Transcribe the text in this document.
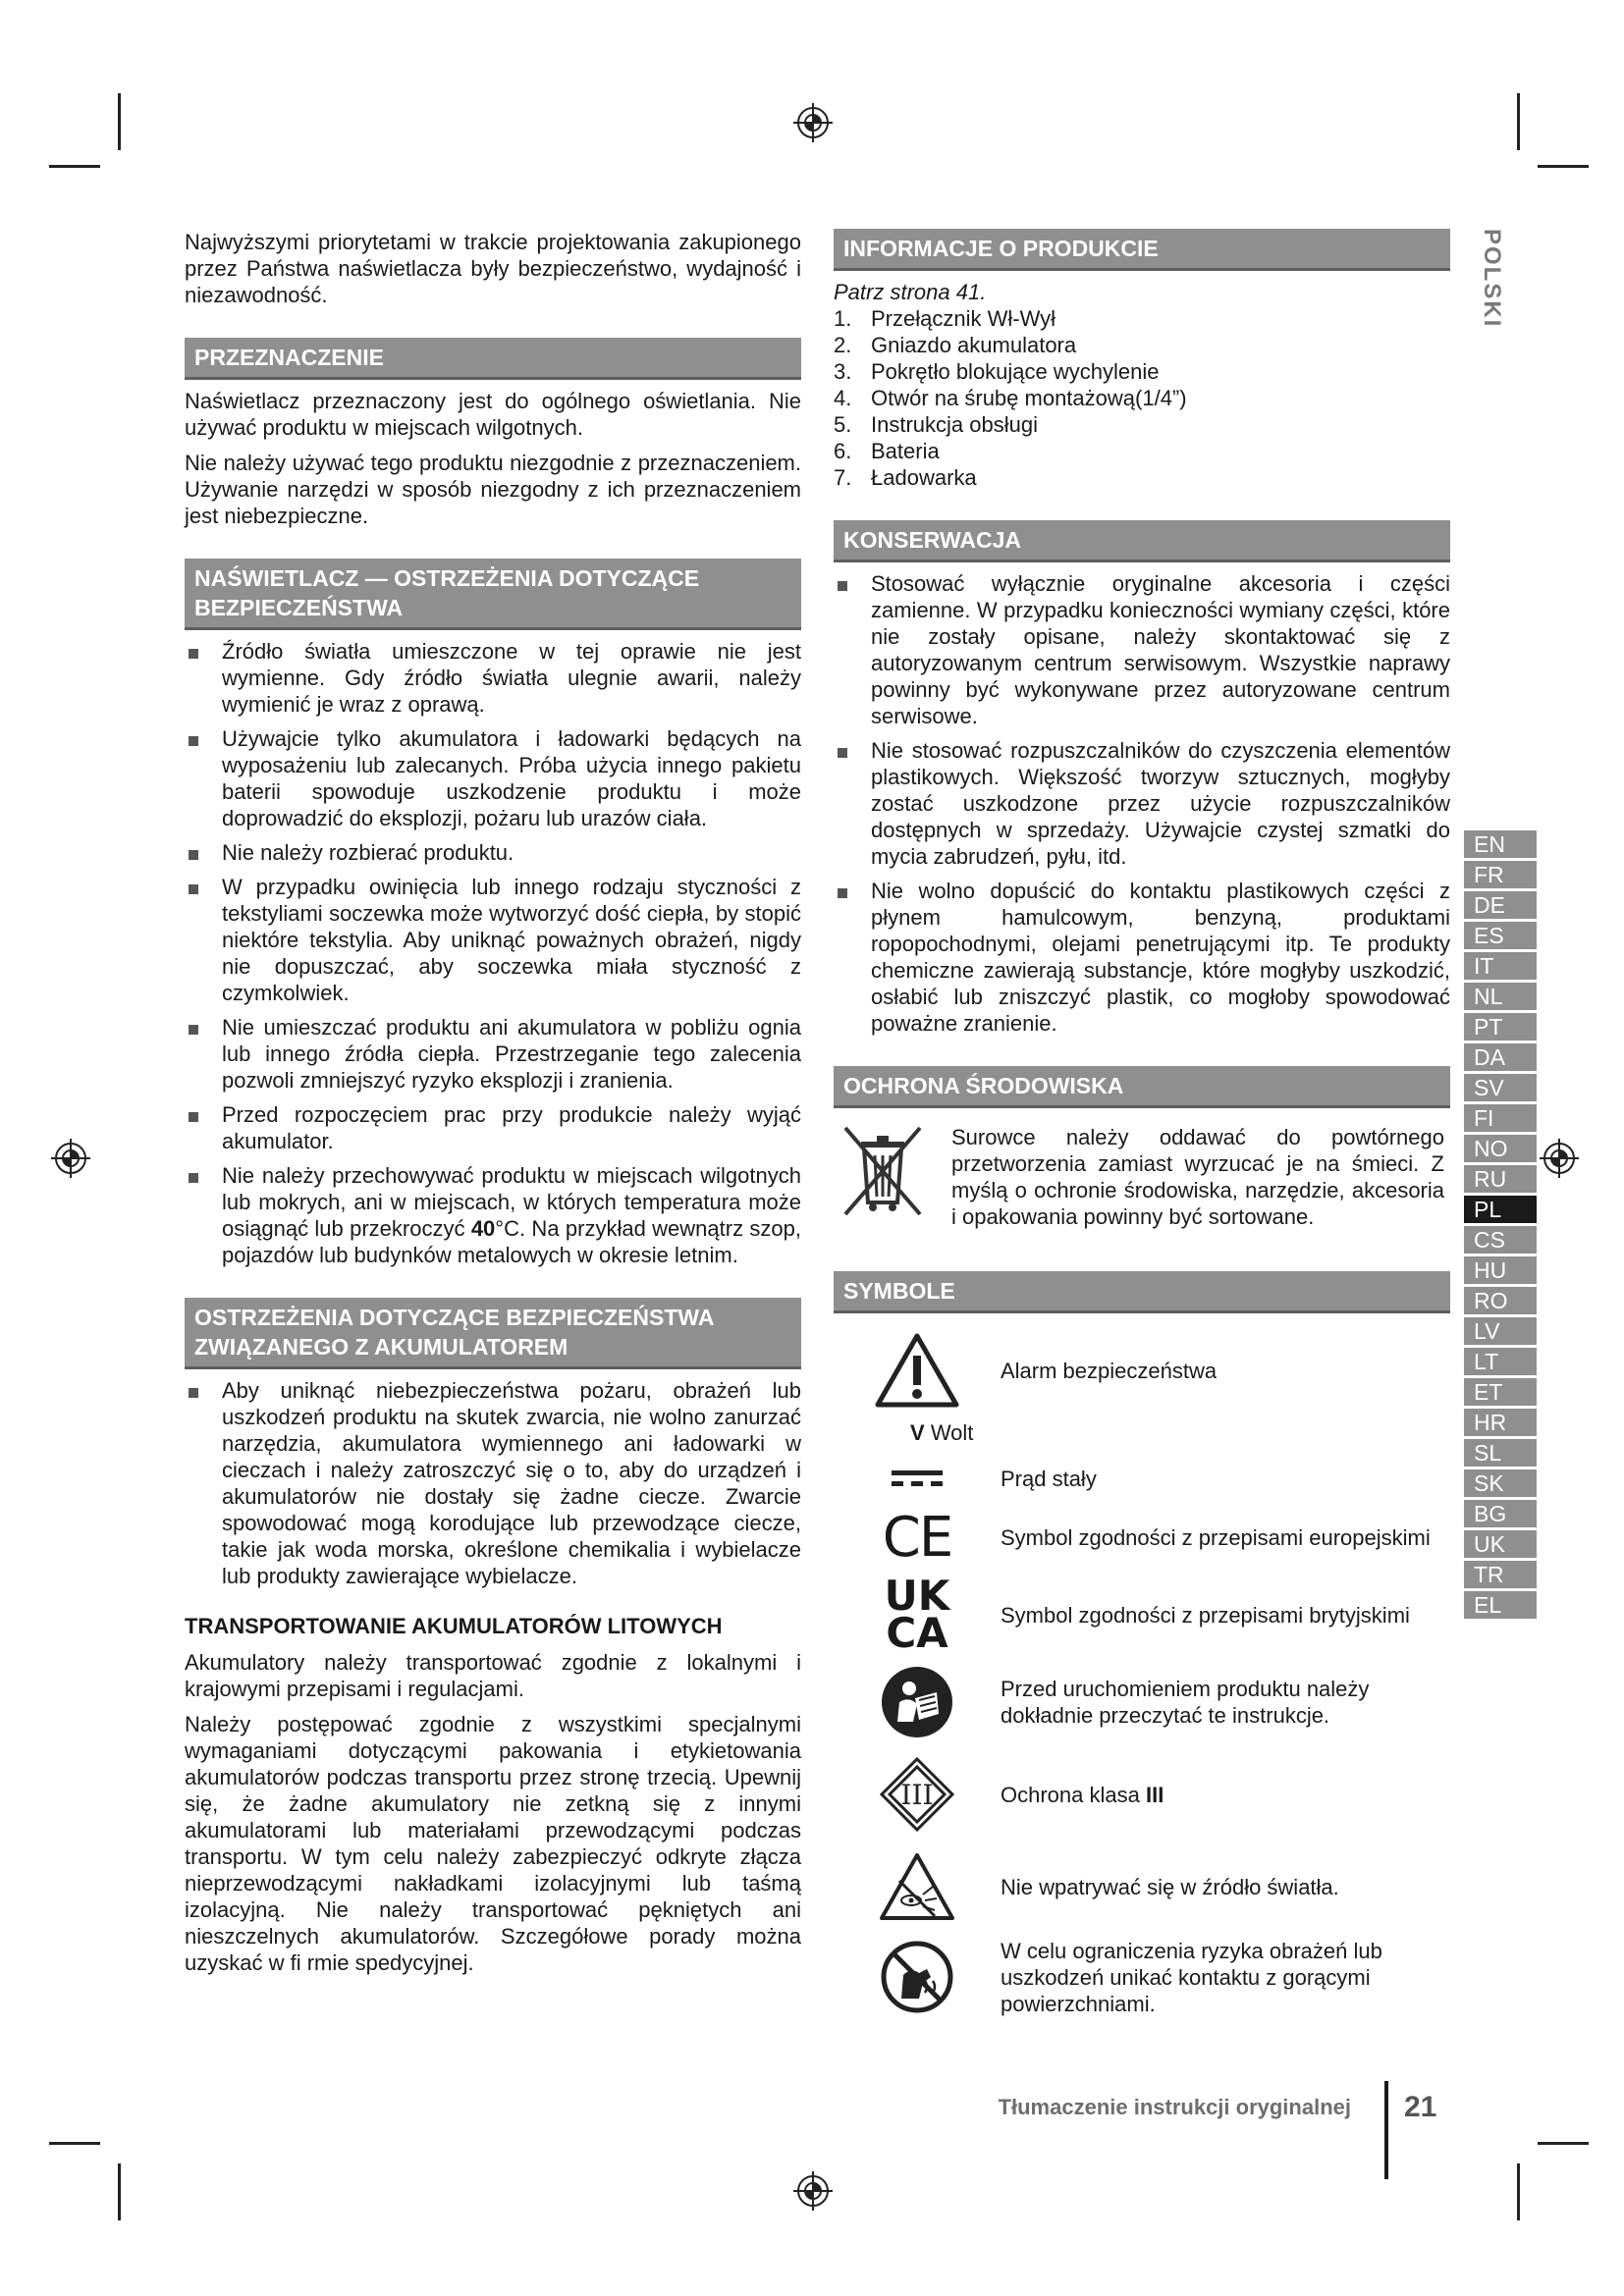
Najwyższymi priorytetami w trakcie projektowania zakupionego przez Państwa naświetlacza były bezpieczeństwo, wydajność i niezawodność.

PRZEZNACZENIE

Naświetlacz przeznaczony jest do ogólnego oświetlania. Nie używać produktu w miejscach wilgotnych.

Nie należy używać tego produktu niezgodnie z przeznaczeniem. Używanie narzędzi w sposób niezgodny z ich przeznaczeniem jest niebezpieczne.

NAŚWIETLACZ — OSTRZEŻENIA DOTYCZĄCE
BEZPIECZEŃSTWA
Źródło światła umieszczone w tej oprawie nie jest wymienne. Gdy źródło światła ulegnie awarii, należy wymienić je wraz z oprawą.
Używajcie tylko akumulatora i ładowarki będących na wyposażeniu lub zalecanych. Próba użycia innego pakietu baterii spowoduje uszkodzenie produktu i może doprowadzić do eksplozji, pożaru lub urazów ciała.
Nie należy rozbierać produktu.
W przypadku owinięcia lub innego rodzaju styczności z tekstyliami soczewka może wytworzyć dość ciepła, by stopić niektóre tekstylia. Aby uniknąć poważnych obrażeń, nigdy nie dopuszczać, aby soczewka miała styczność z czymkolwiek.
Nie umieszczać produktu ani akumulatora w pobliżu ognia lub innego źródła ciepła. Przestrzeganie tego zalecenia pozwoli zmniejszyć ryzyko eksplozji i zranienia.
Przed rozpoczęciem prac przy produkcie należy wyjąć akumulator.
Nie należy przechowywać produktu w miejscach wilgotnych lub mokrych, ani w miejscach, w których temperatura może osiągnąć lub przekroczyć 40°C. Na przykład wewnątrz szop, pojazdów lub budynków metalowych w okresie letnim.
OSTRZEŻENIA DOTYCZĄCE BEZPIECZEŃSTWA
ZWIĄZANEGO Z AKUMULATOREM
Aby uniknąć niebezpieczeństwa pożaru, obrażeń lub uszkodzeń produktu na skutek zwarcia, nie wolno zanurzać narzędzia, akumulatora wymiennego ani ładowarki w cieczach i należy zatroszczyć się o to, aby do urządzeń i akumulatorów nie dostały się żadne ciecze. Zwarcie spowodować mogą korodujące lub przewodzące ciecze, takie jak woda morska, określone chemikalia i wybielacze lub produkty zawierające wybielacze.
TRANSPORTOWANIE AKUMULATORÓW LITOWYCH

Akumulatory należy transportować zgodnie z lokalnymi i krajowymi przepisami i regulacjami.

Należy postępować zgodnie z wszystkimi specjalnymi wymaganiami dotyczącymi pakowania i etykietowania akumulatorów podczas transportu przez stronę trzecią. Upewnij się, że żadne akumulatory nie zetkną się z innymi akumulatorami lub materiałami przewodzącymi podczas transportu. W tym celu należy zabezpieczyć odkryte złącza nieprzewodzącymi nakładkami izolacyjnymi lub taśmą izolacyjną. Nie należy transportować pękniętych ani nieszczelnych akumulatorów. Szczegółowe porady można uzyskać w fi rmie spedycyjnej.

INFORMACJE O PRODUKCIE
Patrz strona 41.
1. Przełącznik Wł-Wył
2. Gniazdo akumulatora
3. Pokrętło blokujące wychylenie
4. Otwór na śrubę montażową(1/4”)
5. Instrukcja obsługi
6. Bateria
7. Ładowarka
KONSERWACJA
Stosować wyłącznie oryginalne akcesoria i części zamienne. W przypadku konieczności wymiany części, które nie zostały opisane, należy skontaktować się z autoryzowanym centrum serwisowym. Wszystkie naprawy powinny być wykonywane przez autoryzowane centrum serwisowe.
Nie stosować rozpuszczalników do czyszczenia elementów plastikowych. Większość tworzyw sztucznych, mogłyby zostać uszkodzone przez użycie rozpuszczalników dostępnych w sprzedaży. Używajcie czystej szmatki do mycia zabrudzeń, pyłu, itd.
Nie wolno dopuścić do kontaktu plastikowych części z płynem hamulcowym, benzyną, produktami ropopochodnymi, olejami penetrującymi itp. Te produkty chemiczne zawierają substancje, które mogłyby uszkodzić, osłabić lub zniszczyć plastik, co mogłoby spowodować poważne zranienie.
OCHRONA ŚRODOWISKA
Surowce należy oddawać do powtórnego przetworzenia zamiast wyrzucać je na śmieci. Z myślą o ochronie środowiska, narzędzie, akcesoria i opakowania powinny być sortowane.
SYMBOLE
Alarm bezpieczeństwa
V Wolt
Prąd stały
CE Symbol zgodności z przepisami europejskimi
UK
CA Symbol zgodności z przepisami brytyjskimi
Przed uruchomieniem produktu należy dokładnie przeczytać te instrukcje.
III	Ochrona klasa III
Nie wpatrywać się w źródło światła.
W celu ograniczenia ryzyka obrażeń lub uszkodzeń unikać kontaktu z gorącymi powierzchniami.
POLSKI
EN
FR
DE
ES
IT
NL
PT
DA
SV
FI
NO
RU
PL
CS
HU
RO
LV
LT
ET
HR
SL
SK
BG
UK
TR
EL
Tłumaczenie instrukcji oryginalnej 21
